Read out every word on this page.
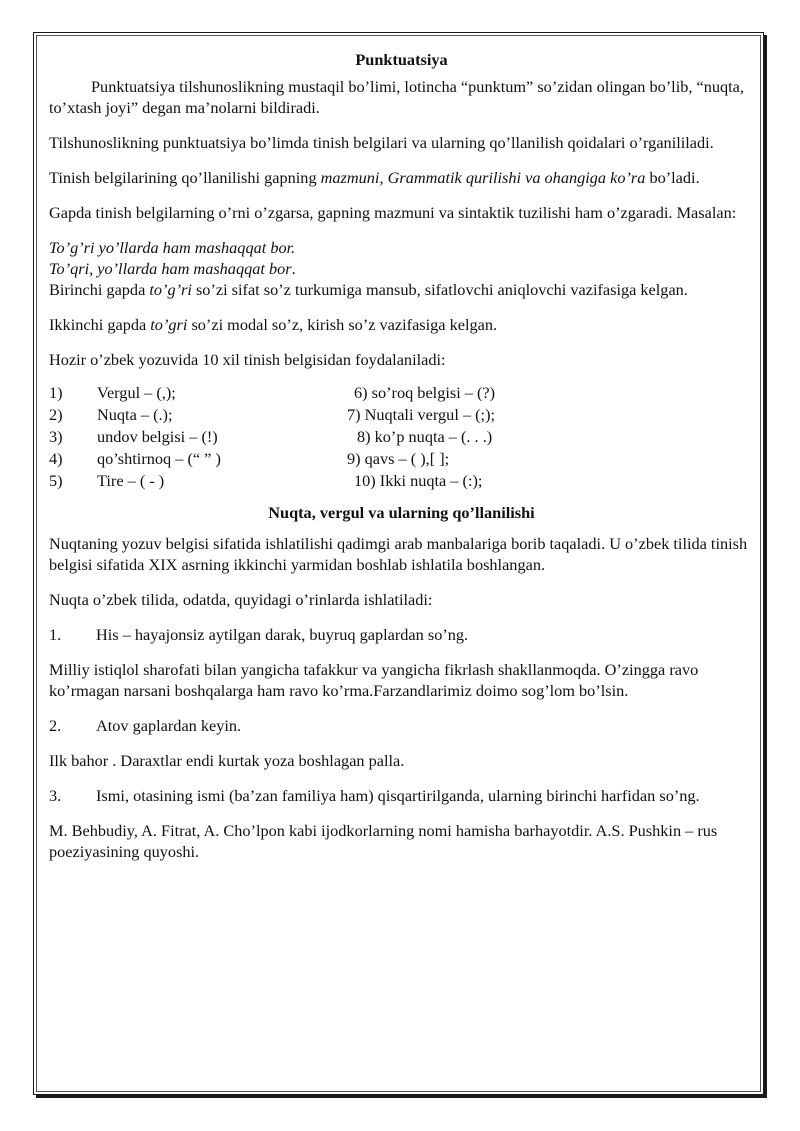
Punktuatsiya

Punktuatsiya tilshunoslikning mustaqil bo’limi, lotincha “punktum” so’zidan olingan bo’lib, “nuqta, to’xtash joyi” degan ma’nolarni bildiradi.

Tilshunoslikning punktuatsiya bo’limda tinish belgilari va ularning qo’llanilish qoidalari o’rganililadi.

Tinish belgilarining qo’llanilishi gapning mazmuni, Grammatik qurilishi va ohangiga ko’ra bo’ladi.

Gapda tinish belgilarning o’rni o’zgarsa, gapning mazmuni va sintaktik tuzilishi ham o’zgaradi. Masalan:

To’g’ri yo’llarda ham mashaqqat bor.

To’qri, yo’llarda ham mashaqqat bor.

Birinchi gapda to’g’ri so’zi sifat so’z turkumiga mansub, sifatlovchi aniqlovchi vazifasiga kelgan.

Ikkinchi gapda to’gri so’zi modal so’z, kirish so’z vazifasiga kelgan.

Hozir o’zbek yozuvida 10 xil tinish belgisidan foydalaniladi:

1)	Vergul – (,);	6) so’roq belgisi – (?)
2)	Nuqta – (.);	7) Nuqtali vergul – (;);
3)	undov belgisi – (!)	8) ko’p nuqta – (. . .)
4)	qo’shtirnoq – (“ ” )	9) qavs – ( ),[ ];
5)	Tire – ( - )	10) Ikki nuqta – (:);
Nuqta, vergul va ularning qo’llanilishi

Nuqtaning yozuv belgisi sifatida ishlatilishi qadimgi arab manbalariga borib taqaladi. U o’zbek tilida tinish belgisi sifatida XIX asrning ikkinchi yarmidan boshlab ishlatila boshlangan.

Nuqta o’zbek tilida, odatda, quyidagi o’rinlarda ishlatiladi:

1.	His – hayajonsiz aytilgan darak, buyruq gaplardan so’ng.

Milliy istiqlol sharofati bilan yangicha tafakkur va yangicha fikrlash shakllanmoqda. O’zingga ravo ko’rmagan narsani boshqalarga ham ravo ko’rma.Farzandlarimiz doimo sog’lom bo’lsin.

2.	Atov gaplardan keyin.

Ilk bahor . Daraxtlar endi kurtak yoza boshlagan palla.

3. Ismi, otasining ismi (ba’zan familiya ham) qisqartirilganda, ularning birinchi harfidan so’ng.

M. Behbudiy, A. Fitrat, A. Cho’lpon kabi ijodkorlarning nomi hamisha barhayotdir. A.S. Pushkin – rus poeziyasining quyoshi.
